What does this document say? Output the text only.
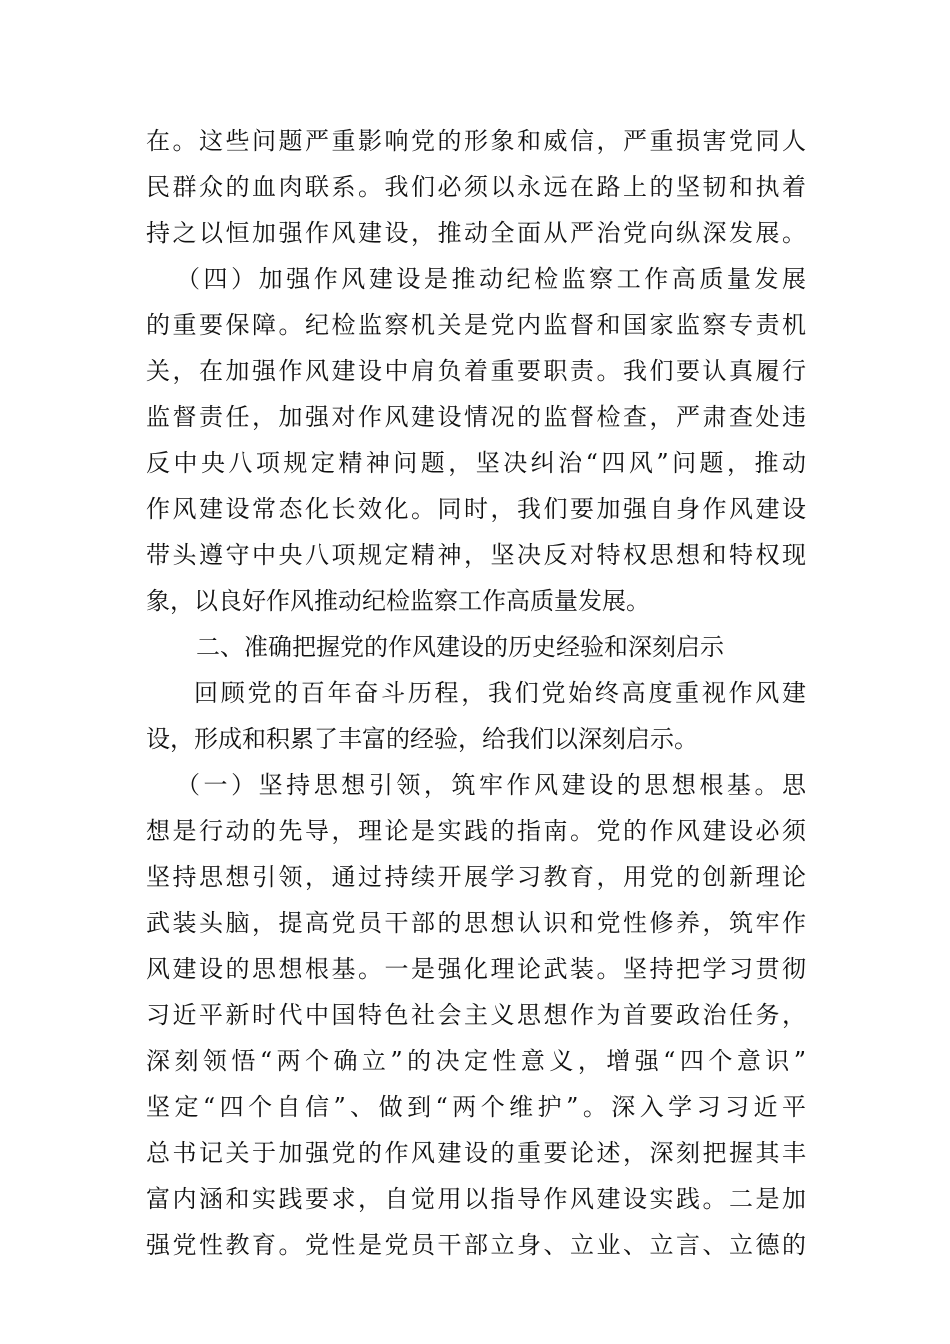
在。这些问题严重影响党的形象和威信，严重损害党同人
民群众的血肉联系。我们必须以永远在路上的坚韧和执着
持之以恒加强作风建设，推动全面从严治党向纵深发展。
（四）加强作风建设是推动纪检监察工作高质量发展
的重要保障。纪检监察机关是党内监督和国家监察专责机
关，在加强作风建设中肩负着重要职责。我们要认真履行
监督责任，加强对作风建设情况的监督检查，严肃查处违
反中央八项规定精神问题，坚决纠治“四风”问题，推动
作风建设常态化长效化。同时，我们要加强自身作风建设
带头遵守中央八项规定精神，坚决反对特权思想和特权现
象，以良好作风推动纪检监察工作高质量发展。
二、准确把握党的作风建设的历史经验和深刻启示
回顾党的百年奋斗历程，我们党始终高度重视作风建
设，形成和积累了丰富的经验，给我们以深刻启示。
（一）坚持思想引领，筑牢作风建设的思想根基。思
想是行动的先导，理论是实践的指南。党的作风建设必须
坚持思想引领，通过持续开展学习教育，用党的创新理论
武装头脑，提高党员干部的思想认识和党性修养，筑牢作
风建设的思想根基。一是强化理论武装。坚持把学习贯彻
习近平新时代中国特色社会主义思想作为首要政治任务，
深刻领悟“两个确立”的决定性意义，增强“四个意识”
坚定“四个自信”、做到“两个维护”。深入学习习近平
总书记关于加强党的作风建设的重要论述，深刻把握其丰
富内涵和实践要求，自觉用以指导作风建设实践。二是加
强党性教育。党性是党员干部立身、立业、立言、立德的
